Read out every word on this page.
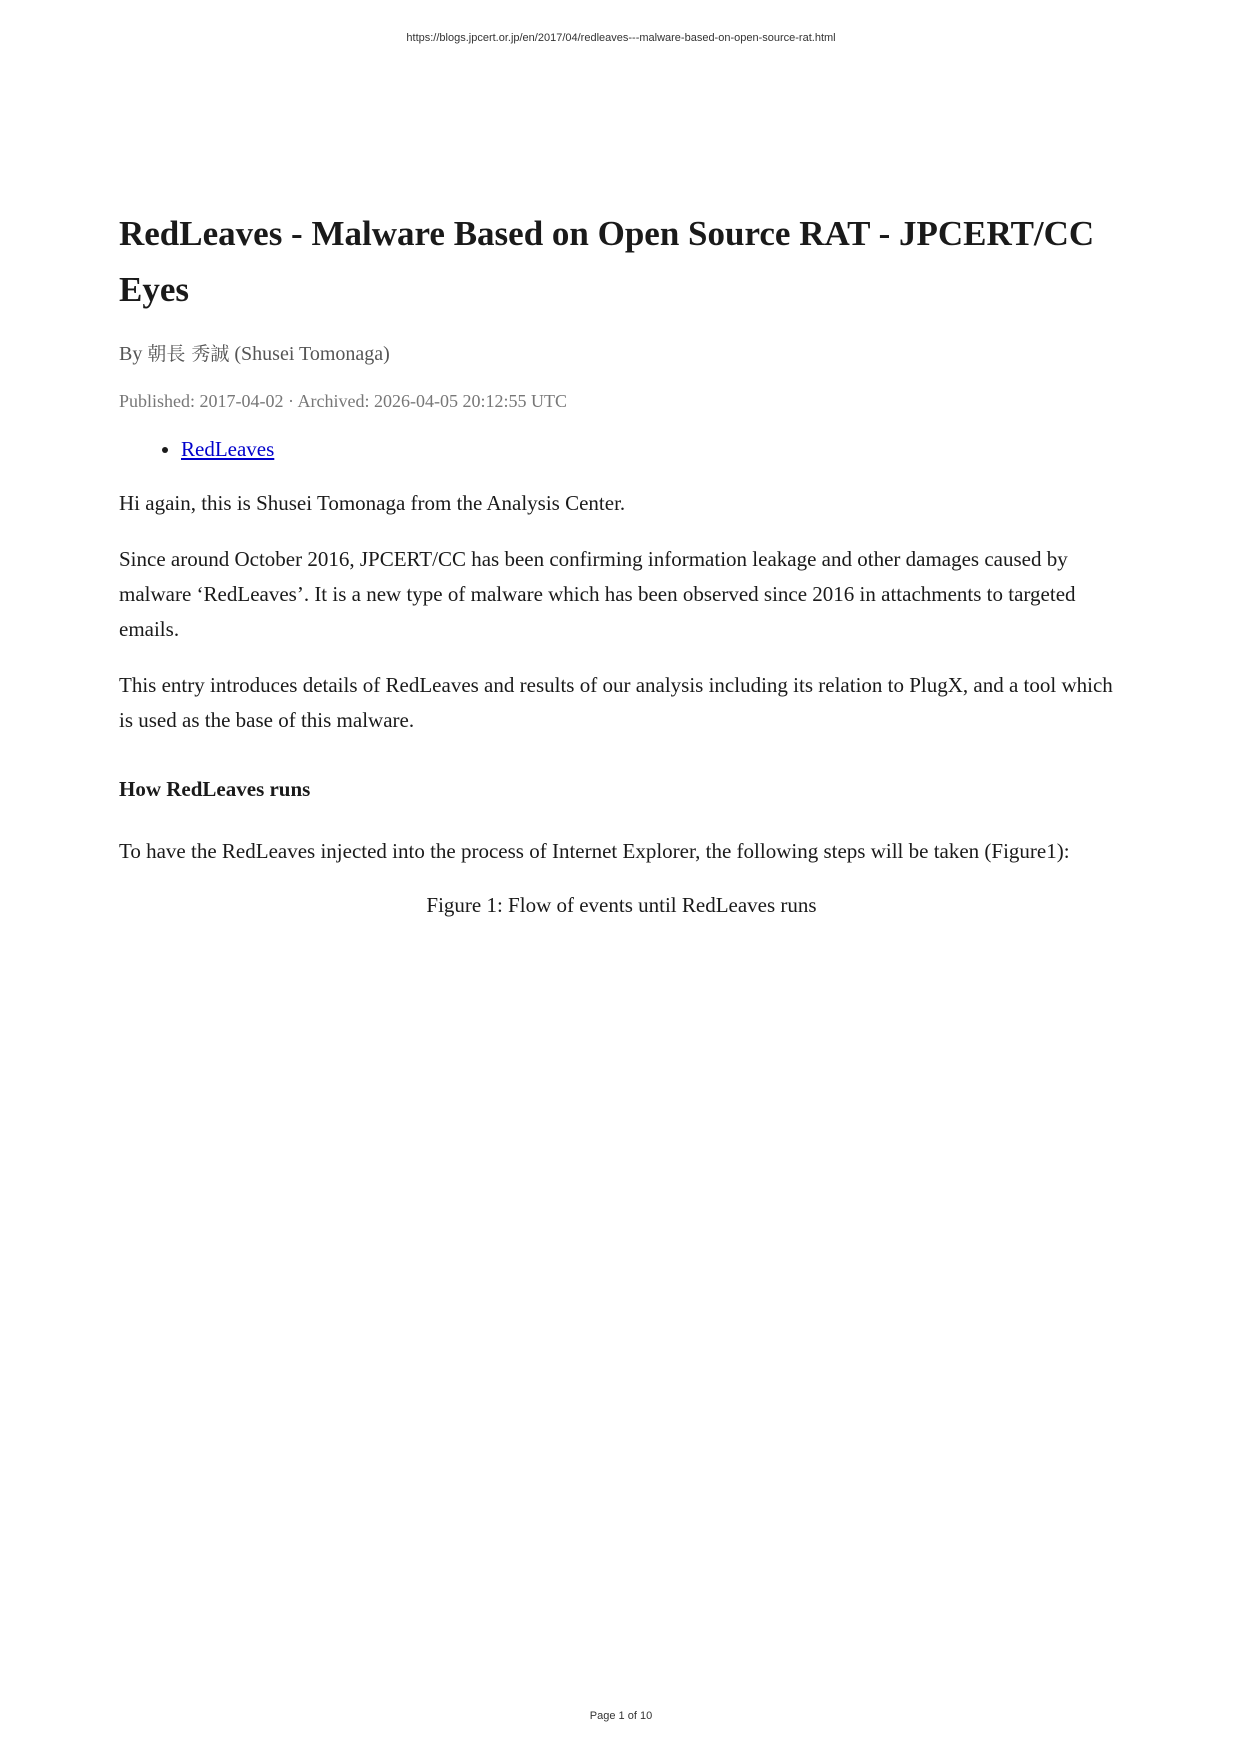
https://blogs.jpcert.or.jp/en/2017/04/redleaves---malware-based-on-open-source-rat.html
RedLeaves - Malware Based on Open Source RAT - JPCERT/CC Eyes

By 朝長 秀誠 (Shusei Tomonaga)

Published: 2017-04-02 · Archived: 2026-04-05 20:12:55 UTC

• RedLeaves

Hi again, this is Shusei Tomonaga from the Analysis Center.

Since around October 2016, JPCERT/CC has been confirming information leakage and other damages caused by malware ‘RedLeaves’. It is a new type of malware which has been observed since 2016 in attachments to targeted emails.

This entry introduces details of RedLeaves and results of our analysis including its relation to PlugX, and a tool which is used as the base of this malware.

How RedLeaves runs

To have the RedLeaves injected into the process of Internet Explorer, the following steps will be taken (Figure1):

Figure 1: Flow of events until RedLeaves runs

Page 1 of 10
